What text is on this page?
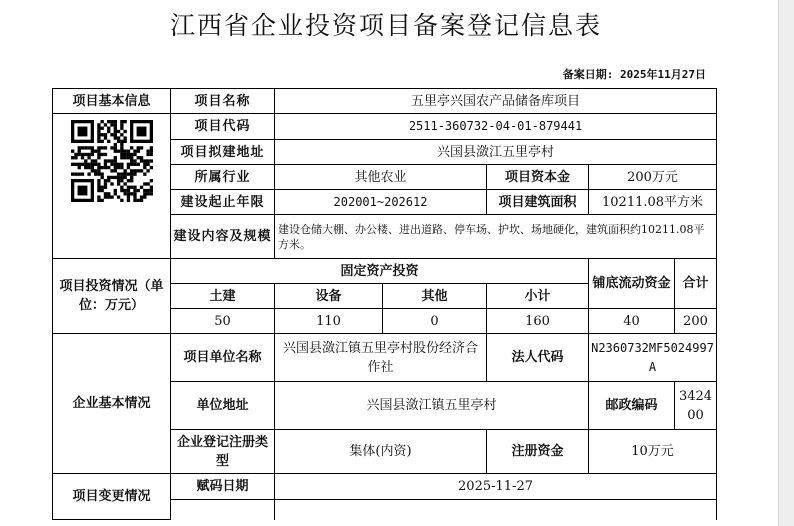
江西省企业投资项目备案登记信息表
备案日期: 2025年11月27日
项目基本信息	项目名称	五里亭兴国农产品储备库项目				

	项目代码	2511-360732-04-01-879441				
	项目拟建地址	兴国县潋江五里亭村				
	所属行业	其他农业		项目资本金	200万元	
	建设起止年限	202001~202612		项目建筑面积	10211.08平方米	
	建设内容及规模	建设仓储大棚、办公楼、进出道路、停车场、护坎、场地硬化，建筑面积约10211.08平方米。				
项目投资情况（单位：万元）	固定资产投资				铺底流动资金	合计
	土建	设备	其他	小计		
	50	110	0	160	40	200
企业基本情况	项目单位名称	兴国县潋江镇五里亭村股份经济合作社		法人代码	N2360732MF5024997A	
	单位地址	兴国县潋江镇五里亭村			邮政编码	342400
	企业登记注册类型	集体(内资)		注册资金	10万元	
项目变更情况	赋码日期	2025-11-27				
